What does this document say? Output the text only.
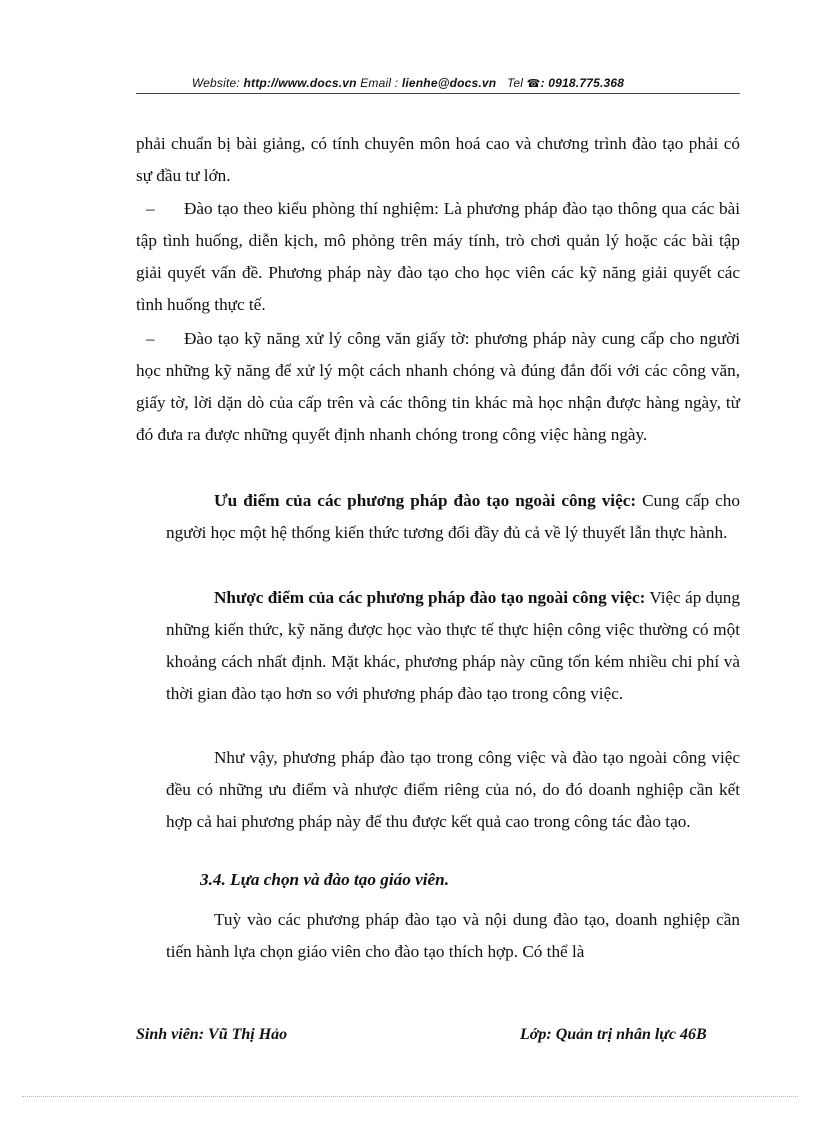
Website: http://www.docs.vn Email : lienhe@docs.vn Tel ☎: 0918.775.368

phải chuẩn bị bài giảng, có tính chuyên môn hoá cao và chương trình đào tạo phải có sự đầu tư lớn.

– Đào tạo theo kiểu phòng thí nghiệm: Là phương pháp đào tạo thông qua các bài tập tình huống, diễn kịch, mô phỏng trên máy tính, trò chơi quản lý hoặc các bài tập giải quyết vấn đề. Phương pháp này đào tạo cho học viên các kỹ năng giải quyết các tình huống thực tế.

– Đào tạo kỹ năng xử lý công văn giấy tờ: phương pháp này cung cấp cho người học những kỹ năng để xử lý một cách nhanh chóng và đúng đắn đối với các công văn, giấy tờ, lời dặn dò của cấp trên và các thông tin khác mà học nhận được hàng ngày, từ đó đưa ra được những quyết định nhanh chóng trong công việc hàng ngày.

Ưu điểm của các phương pháp đào tạo ngoài công việc: Cung cấp cho người học một hệ thống kiến thức tương đối đầy đủ cả về lý thuyết lẫn thực hành.

Nhược điểm của các phương pháp đào tạo ngoài công việc: Việc áp dụng những kiến thức, kỹ năng được học vào thực tế thực hiện công việc thường có một khoảng cách nhất định. Mặt khác, phương pháp này cũng tốn kém nhiều chi phí và thời gian đào tạo hơn so với phương pháp đào tạo trong công việc.

Như vậy, phương pháp đào tạo trong công việc và đào tạo ngoài công việc đều có những ưu điểm và nhược điểm riêng của nó, do đó doanh nghiệp cần kết hợp cả hai phương pháp này để thu được kết quả cao trong công tác đào tạo.

3.4. Lựa chọn và đào tạo giáo viên.

Tuỳ vào các phương pháp đào tạo và nội dung đào tạo, doanh nghiệp cần tiến hành lựa chọn giáo viên cho đào tạo thích hợp. Có thể là

Sinh viên: Vũ Thị Hảo	Lớp: Quản trị nhân lực 46B
